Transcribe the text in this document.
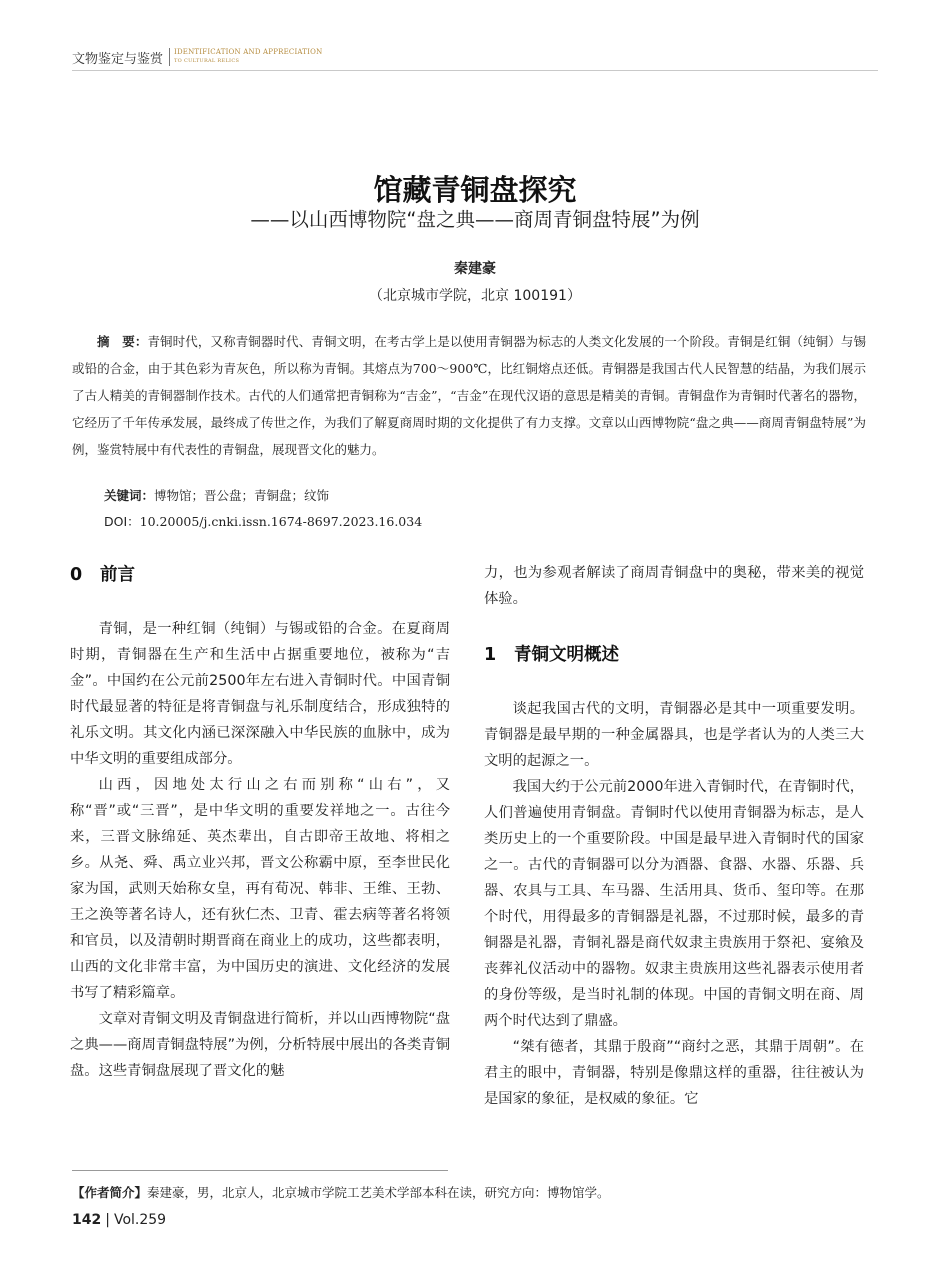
文物鉴定与鉴赏 IDENTIFICATION AND APPRECIATION
TO CULTURAL RELICS
馆藏青铜盘探究
——以山西博物院“盘之典——商周青铜盘特展”为例
秦建豪
（北京城市学院，北京 100191）

摘　要：青铜时代，又称青铜器时代、青铜文明，在考古学上是以使用青铜器为标志的人类文化发展的一个阶段。青铜是红铜（纯铜）与锡或铅的合金，由于其色彩为青灰色，所以称为青铜。其熔点为700～900℃，比红铜熔点还低。青铜器是我国古代人民智慧的结晶，为我们展示了古人精美的青铜器制作技术。古代的人们通常把青铜称为“吉金”，“吉金”在现代汉语的意思是精美的青铜。青铜盘作为青铜时代著名的器物，它经历了千年传承发展，最终成了传世之作，为我们了解夏商周时期的文化提供了有力支撑。文章以山西博物院“盘之典——商周青铜盘特展”为例，鉴赏特展中有代表性的青铜盘，展现晋文化的魅力。

关键词：博物馆；晋公盘；青铜盘；纹饰
DOI：10.20005/j.cnki.issn.1674-8697.2023.16.034
0 前言

青铜，是一种红铜（纯铜）与锡或铅的合金。在夏商周时期，青铜器在生产和生活中占据重要地位，被称为“吉金”。中国约在公元前2500年左右进入青铜时代。中国青铜时代最显著的特征是将青铜盘与礼乐制度结合，形成独特的礼乐文明。其文化内涵已深深融入中华民族的血脉中，成为中华文明的重要组成部分。

山西，因地处太行山之右而别称“山右”，又称“晋”或“三晋”，是中华文明的重要发祥地之一。古往今来，三晋文脉绵延、英杰辈出，自古即帝王故地、将相之乡。从尧、舜、禹立业兴邦，晋文公称霸中原，至李世民化家为国，武则天始称女皇，再有荀况、韩非、王维、王勃、王之涣等著名诗人，还有狄仁杰、卫青、霍去病等著名将领和官员，以及清朝时期晋商在商业上的成功，这些都表明，山西的文化非常丰富，为中国历史的演进、文化经济的发展书写了精彩篇章。

文章对青铜文明及青铜盘进行简析，并以山西博物院“盘之典——商周青铜盘特展”为例，分析特展中展出的各类青铜盘。这些青铜盘展现了晋文化的魅

力，也为参观者解读了商周青铜盘中的奥秘，带来美的视觉体验。

1 青铜文明概述

谈起我国古代的文明，青铜器必是其中一项重要发明。青铜器是最早期的一种金属器具，也是学者认为的人类三大文明的起源之一。

我国大约于公元前2000年进入青铜时代，在青铜时代，人们普遍使用青铜盘。青铜时代以使用青铜器为标志，是人类历史上的一个重要阶段。中国是最早进入青铜时代的国家之一。古代的青铜器可以分为酒器、食器、水器、乐器、兵器、农具与工具、车马器、生活用具、货币、玺印等。在那个时代，用得最多的青铜器是礼器，不过那时候，最多的青铜器是礼器，青铜礼器是商代奴隶主贵族用于祭祀、宴飨及丧葬礼仪活动中的器物。奴隶主贵族用这些礼器表示使用者的身份等级，是当时礼制的体现。中国的青铜文明在商、周两个时代达到了鼎盛。

“桀有德者，其鼎于殷商”“商纣之恶，其鼎于周朝”。在君主的眼中，青铜器，特别是像鼎这样的重器，往往被认为是国家的象征，是权威的象征。它

【作者简介】秦建豪，男，北京人，北京城市学院工艺美术学部本科在读，研究方向：博物馆学。
142 | Vol.259
